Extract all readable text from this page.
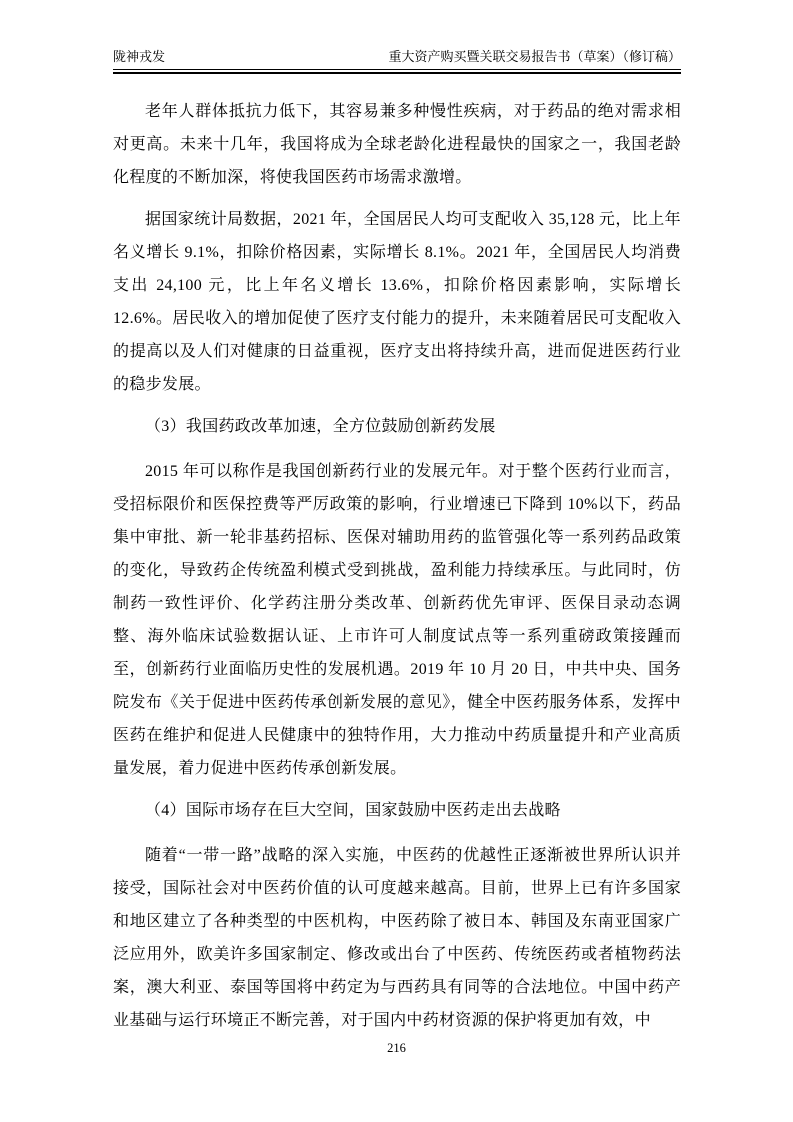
陇神戎发	重大资产购买暨关联交易报告书（草案）（修订稿）

老年人群体抵抗力低下，其容易兼多种慢性疾病，对于药品的绝对需求相对更高。未来十几年，我国将成为全球老龄化进程最快的国家之一，我国老龄化程度的不断加深，将使我国医药市场需求激增。

据国家统计局数据，2021 年，全国居民人均可支配收入 35,128 元，比上年名义增长 9.1%，扣除价格因素，实际增长 8.1%。2021 年，全国居民人均消费支出 24,100 元，比上年名义增长 13.6%，扣除价格因素影响，实际增长 12.6%。居民收入的增加促使了医疗支付能力的提升，未来随着居民可支配收入的提高以及人们对健康的日益重视，医疗支出将持续升高，进而促进医药行业的稳步发展。

（3）我国药政改革加速，全方位鼓励创新药发展

2015 年可以称作是我国创新药行业的发展元年。对于整个医药行业而言，受招标限价和医保控费等严厉政策的影响，行业增速已下降到 10%以下，药品集中审批、新一轮非基药招标、医保对辅助用药的监管强化等一系列药品政策的变化，导致药企传统盈利模式受到挑战，盈利能力持续承压。与此同时，仿制药一致性评价、化学药注册分类改革、创新药优先审评、医保目录动态调整、海外临床试验数据认证、上市许可人制度试点等一系列重磅政策接踵而至，创新药行业面临历史性的发展机遇。2019 年 10 月 20 日，中共中央、国务院发布《关于促进中医药传承创新发展的意见》，健全中医药服务体系，发挥中医药在维护和促进人民健康中的独特作用，大力推动中药质量提升和产业高质量发展，着力促进中医药传承创新发展。

（4）国际市场存在巨大空间，国家鼓励中医药走出去战略

随着“一带一路”战略的深入实施，中医药的优越性正逐渐被世界所认识并接受，国际社会对中医药价值的认可度越来越高。目前，世界上已有许多国家和地区建立了各种类型的中医机构，中医药除了被日本、韩国及东南亚国家广泛应用外，欧美许多国家制定、修改或出台了中医药、传统医药或者植物药法案，澳大利亚、泰国等国将中药定为与西药具有同等的合法地位。中国中药产业基础与运行环境正不断完善，对于国内中药材资源的保护将更加有效，中

216
